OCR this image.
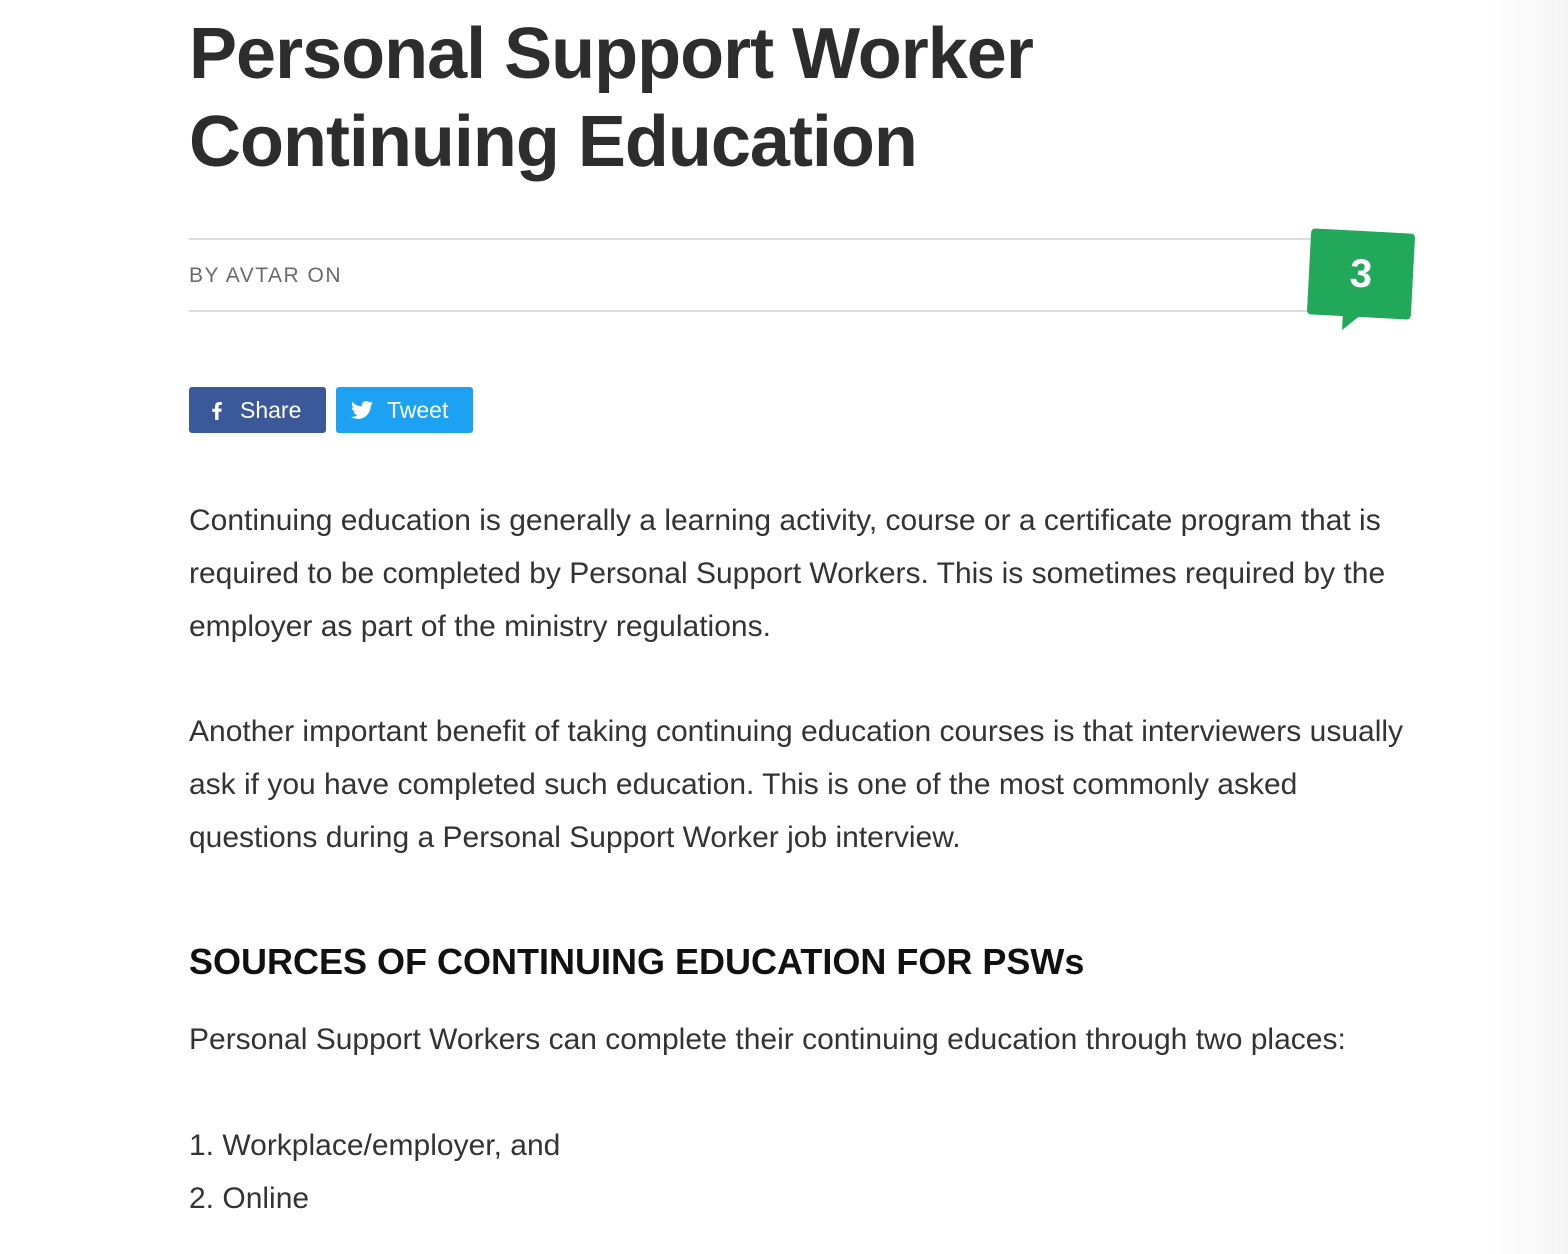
Personal Support Worker Continuing Education
BY AVTAR ON	3
Share	Tweet

Continuing education is generally a learning activity, course or a certificate program that is required to be completed by Personal Support Workers. This is sometimes required by the employer as part of the ministry regulations.

Another important benefit of taking continuing education courses is that interviewers usually ask if you have completed such education. This is one of the most commonly asked questions during a Personal Support Worker job interview.

SOURCES OF CONTINUING EDUCATION FOR PSWs

Personal Support Workers can complete their continuing education through two places:

1. Workplace/employer, and
2. Online
